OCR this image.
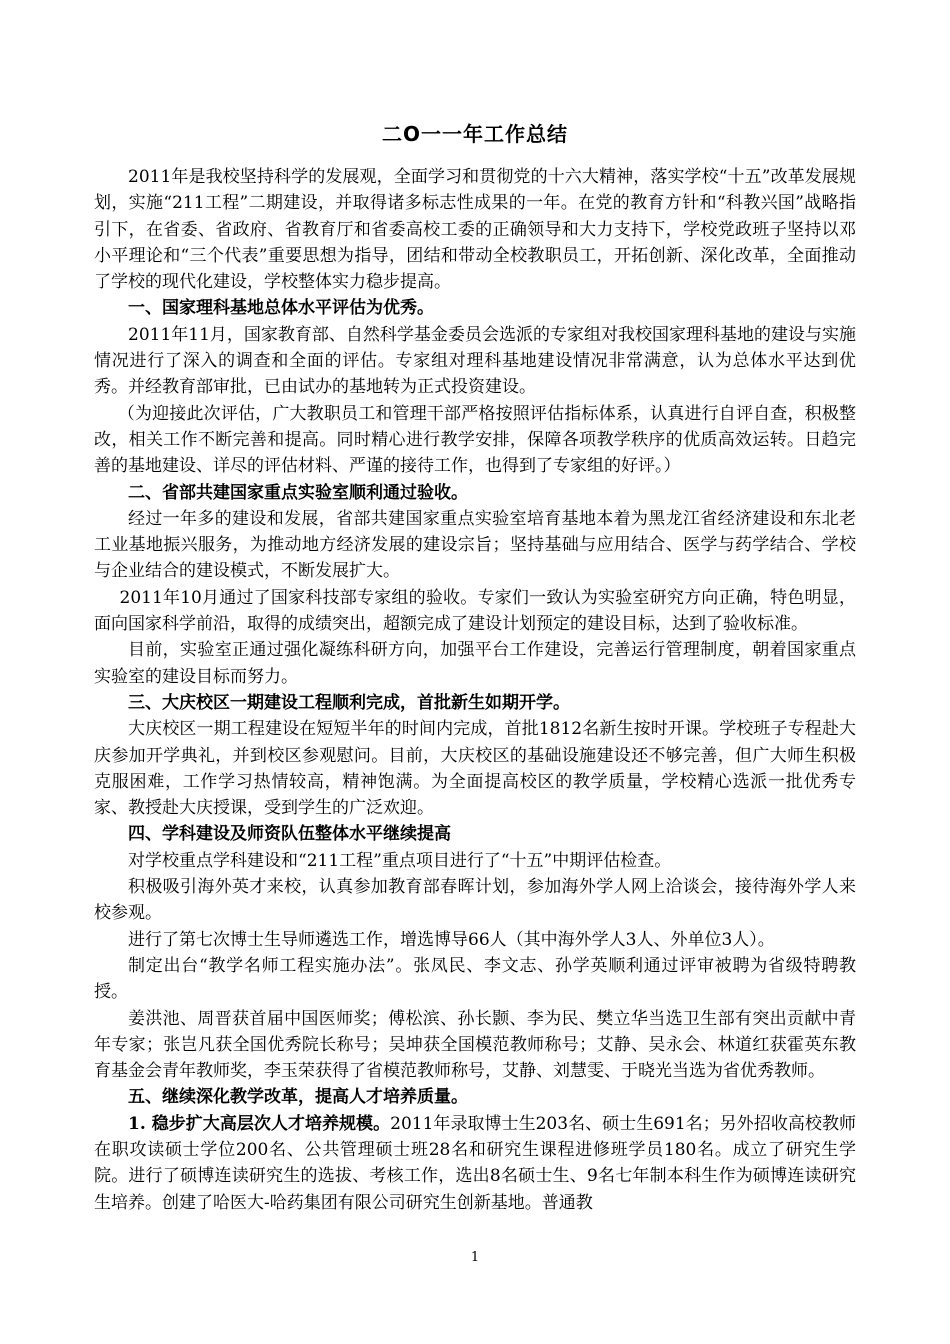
二O一一年工作总结

2011年是我校坚持科学的发展观，全面学习和贯彻党的十六大精神，落实学校“十五”改革发展规划，实施“211工程”二期建设，并取得诸多标志性成果的一年。在党的教育方针和“科教兴国”战略指引下，在省委、省政府、省教育厅和省委高校工委的正确领导和大力支持下，学校党政班子坚持以邓小平理论和“三个代表”重要思想为指导，团结和带动全校教职员工，开拓创新、深化改革，全面推动了学校的现代化建设，学校整体实力稳步提高。

一、国家理科基地总体水平评估为优秀。

2011年11月，国家教育部、自然科学基金委员会选派的专家组对我校国家理科基地的建设与实施情况进行了深入的调查和全面的评估。专家组对理科基地建设情况非常满意，认为总体水平达到优秀。并经教育部审批，已由试办的基地转为正式投资建设。

（为迎接此次评估，广大教职员工和管理干部严格按照评估指标体系，认真进行自评自查，积极整改，相关工作不断完善和提高。同时精心进行教学安排，保障各项教学秩序的优质高效运转。日趋完善的基地建设、详尽的评估材料、严谨的接待工作，也得到了专家组的好评。）

二、省部共建国家重点实验室顺利通过验收。

经过一年多的建设和发展，省部共建国家重点实验室培育基地本着为黑龙江省经济建设和东北老工业基地振兴服务，为推动地方经济发展的建设宗旨；坚持基础与应用结合、医学与药学结合、学校与企业结合的建设模式，不断发展扩大。

2011年10月通过了国家科技部专家组的验收。专家们一致认为实验室研究方向正确，特色明显，面向国家科学前沿，取得的成绩突出，超额完成了建设计划预定的建设目标，达到了验收标准。

目前，实验室正通过强化凝练科研方向，加强平台工作建设，完善运行管理制度，朝着国家重点实验室的建设目标而努力。

三、大庆校区一期建设工程顺利完成，首批新生如期开学。

大庆校区一期工程建设在短短半年的时间内完成，首批1812名新生按时开课。学校班子专程赴大庆参加开学典礼，并到校区参观慰问。目前，大庆校区的基础设施建设还不够完善，但广大师生积极克服困难，工作学习热情较高，精神饱满。为全面提高校区的教学质量，学校精心选派一批优秀专家、教授赴大庆授课，受到学生的广泛欢迎。

四、学科建设及师资队伍整体水平继续提高

对学校重点学科建设和“211工程”重点项目进行了“十五”中期评估检查。

积极吸引海外英才来校，认真参加教育部春晖计划，参加海外学人网上洽谈会，接待海外学人来校参观。

进行了第七次博士生导师遴选工作，增选博导66人（其中海外学人3人、外单位3人）。

制定出台“教学名师工程实施办法”。张凤民、李文志、孙学英顺利通过评审被聘为省级特聘教授。

姜洪池、周晋获首届中国医师奖；傅松滨、孙长颢、李为民、樊立华当选卫生部有突出贡献中青年专家；张岂凡获全国优秀院长称号；吴坤获全国模范教师称号；艾静、吴永会、林道红获霍英东教育基金会青年教师奖，李玉荣获得了省模范教师称号，艾静、刘慧雯、于晓光当选为省优秀教师。

五、继续深化教学改革，提高人才培养质量。

1. 稳步扩大高层次人才培养规模。2011年录取博士生203名、硕士生691名；另外招收高校教师在职攻读硕士学位200名、公共管理硕士班28名和研究生课程进修班学员180名。成立了研究生学院。进行了硕博连读研究生的选拔、考核工作，选出8名硕士生、9名七年制本科生作为硕博连读研究生培养。创建了哈医大-哈药集团有限公司研究生创新基地。普通教

1
